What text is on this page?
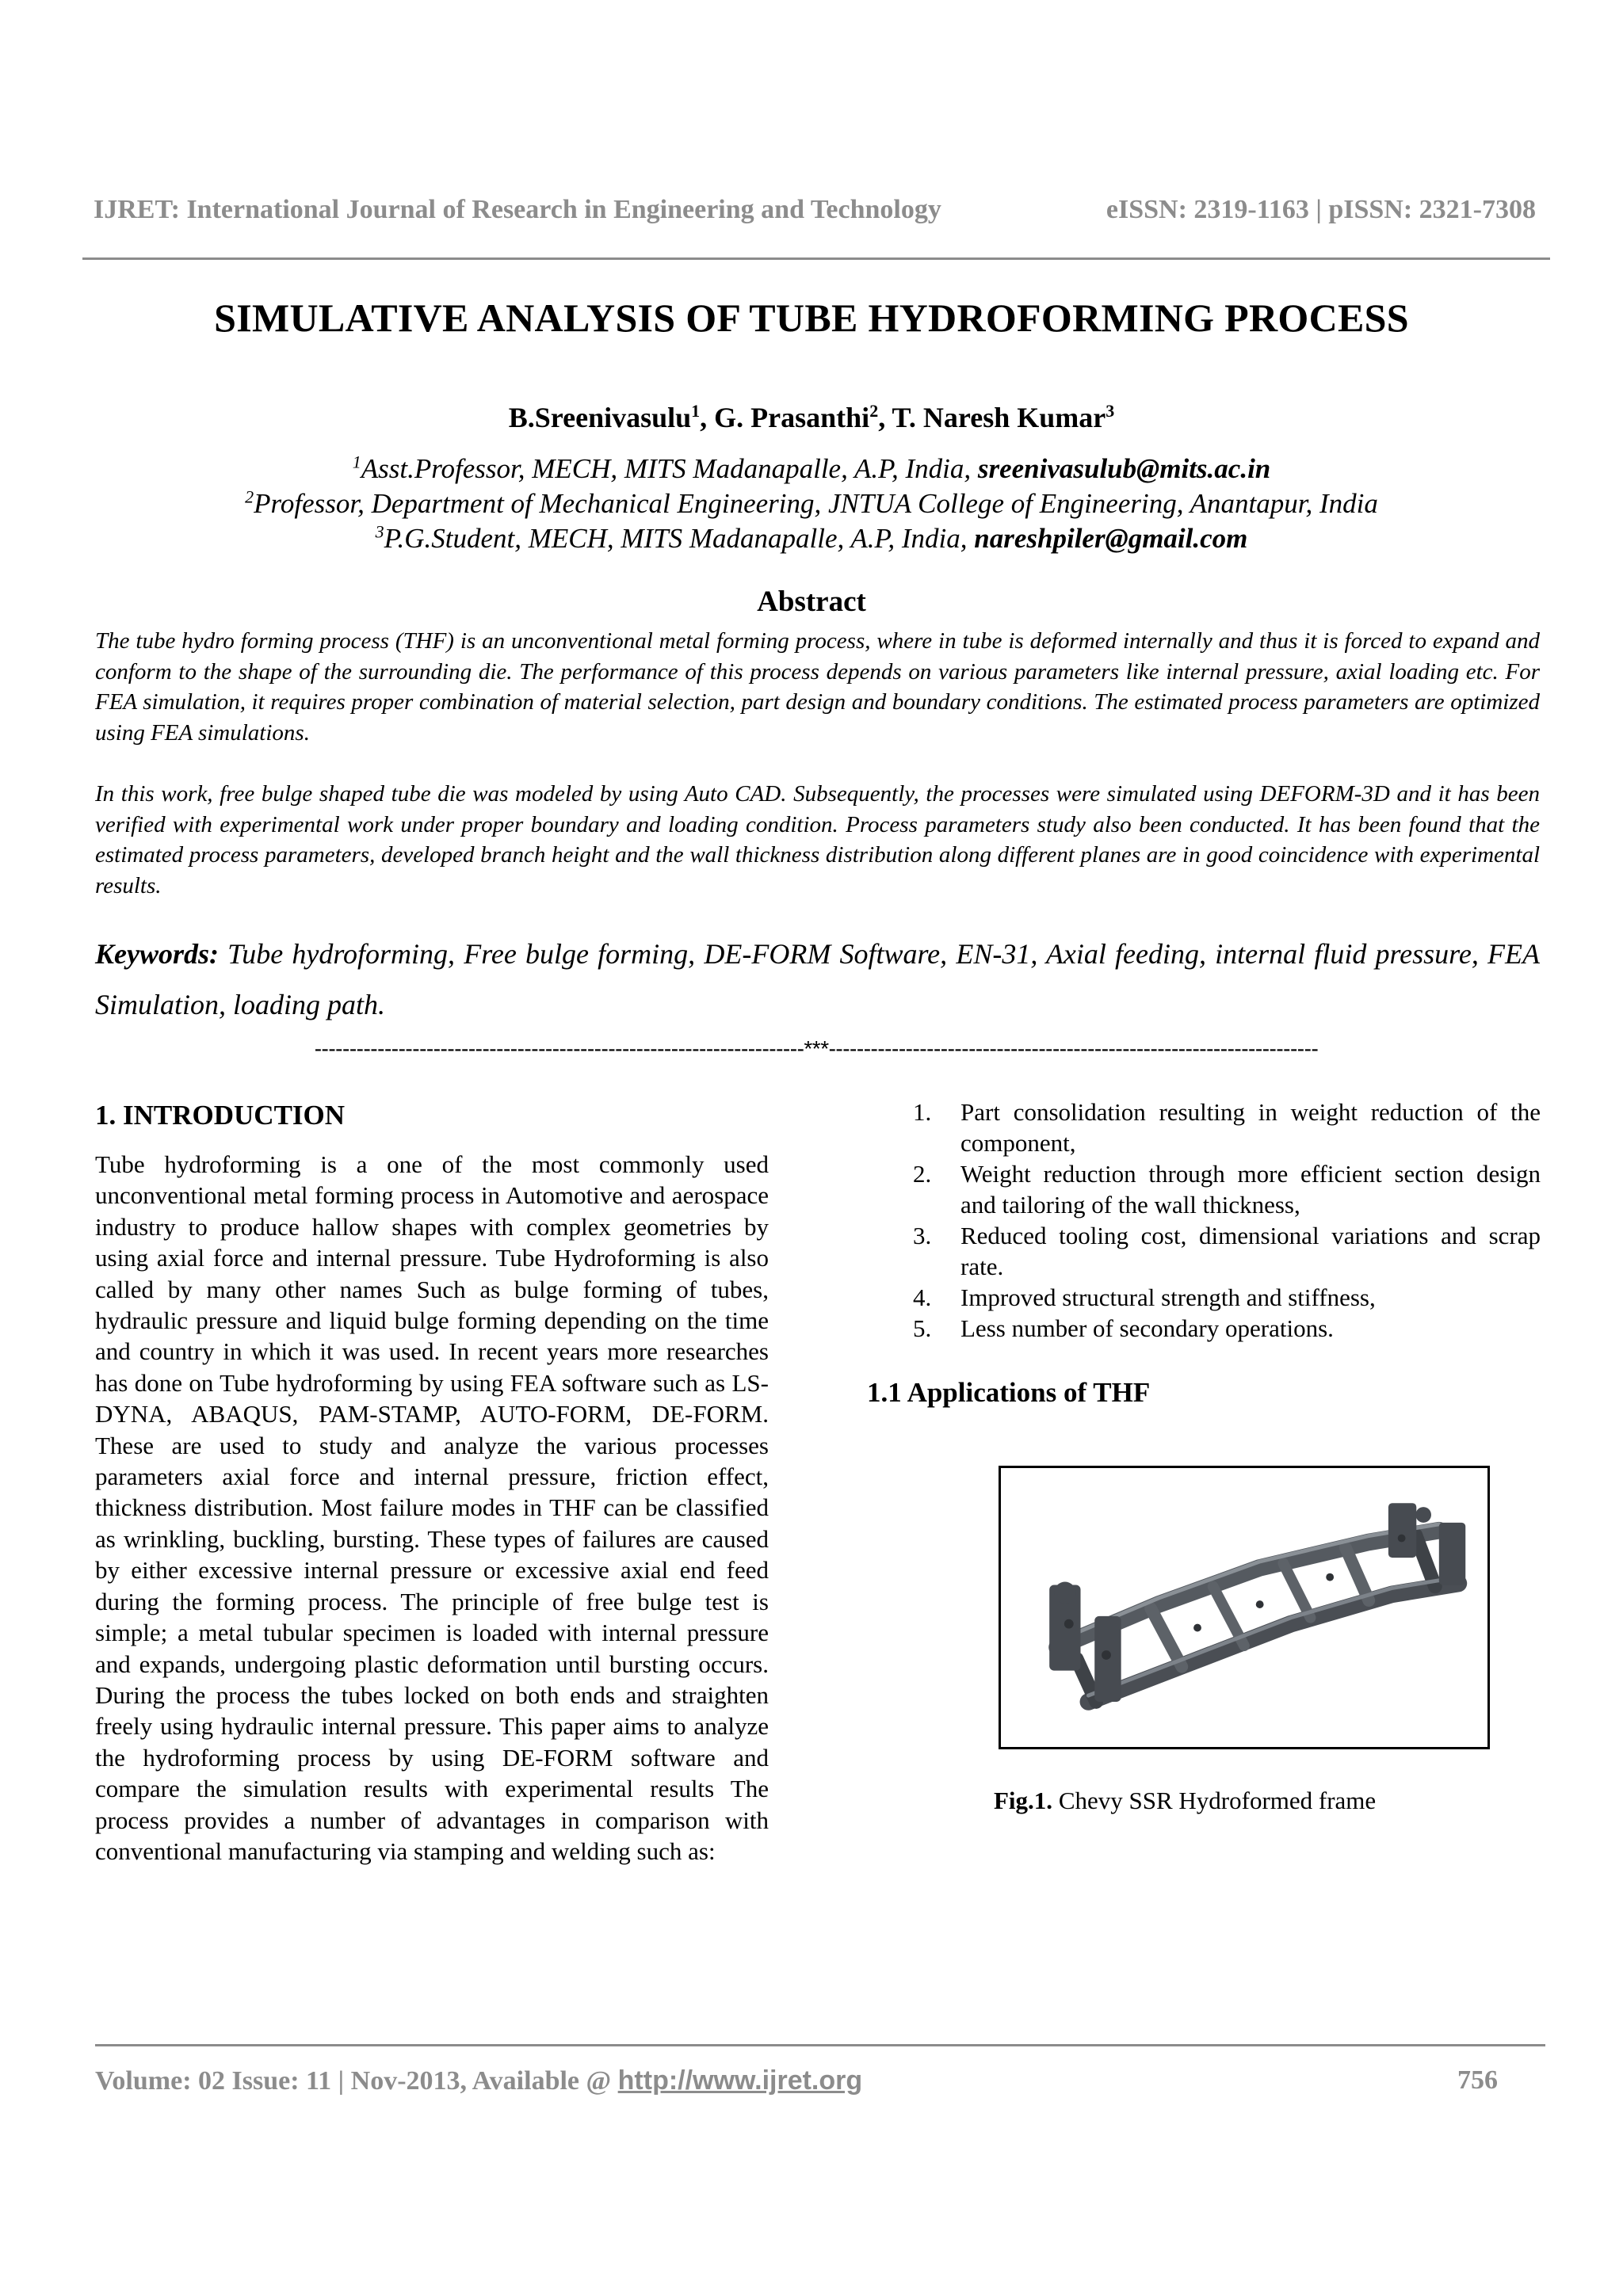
IJRET: International Journal of Research in Engineering and Technology	eISSN: 2319-1163 | pISSN: 2321-7308
SIMULATIVE ANALYSIS OF TUBE HYDROFORMING PROCESS
B.Sreenivasulu$^1$, G. Prasanthi$^2$, T. Naresh Kumar$^3$
$^1$Asst.Professor, MECH, MITS Madanapalle, A.P, India, sreenivasulub@mits.ac.in
$^2$Professor, Department of Mechanical Engineering, JNTUA College of Engineering, Anantapur, India
$^3$P.G.Student, MECH, MITS Madanapalle, A.P, India, nareshpiler@gmail.com
Abstract
The tube hydro forming process (THF) is an unconventional metal forming process, where in tube is deformed internally and thus it is forced to expand and conform to the shape of the surrounding die. The performance of this process depends on various parameters like internal pressure, axial loading etc. For FEA simulation, it requires proper combination of material selection, part design and boundary conditions. The estimated process parameters are optimized using FEA simulations.
In this work, free bulge shaped tube die was modeled by using Auto CAD. Subsequently, the processes were simulated using DEFORM-3D and it has been verified with experimental work under proper boundary and loading condition. Process parameters study also been conducted. It has been found that the estimated process parameters, developed branch height and the wall thickness distribution along different planes are in good coincidence with experimental results.
Keywords: Tube hydroforming, Free bulge forming, DE-FORM Software, EN-31, Axial feeding, internal fluid pressure, FEA Simulation, loading path.
----------------------------------------------------------------------***----------------------------------------------------------------------
1. INTRODUCTION
Tube hydroforming is a one of the most commonly used unconventional metal forming process in Automotive and aerospace industry to produce hallow shapes with complex geometries by using axial force and internal pressure. Tube Hydroforming is also called by many other names Such as bulge forming of tubes, hydraulic pressure and liquid bulge forming depending on the time and country in which it was used. In recent years more researches has done on Tube hydroforming by using FEA software such as LS-DYNA, ABAQUS, PAM-STAMP, AUTO-FORM, DE-FORM. These are used to study and analyze the various processes parameters axial force and internal pressure, friction effect, thickness distribution. Most failure modes in THF can be classified as wrinkling, buckling, bursting. These types of failures are caused by either excessive internal pressure or excessive axial end feed during the forming process. The principle of free bulge test is simple; a metal tubular specimen is loaded with internal pressure and expands, undergoing plastic deformation until bursting occurs. During the process the tubes locked on both ends and straighten freely using hydraulic internal pressure. This paper aims to analyze the hydroforming process by using DE-FORM software and compare the simulation results with experimental results The process provides a number of advantages in comparison with conventional manufacturing via stamping and welding such as:
1.	Part consolidation resulting in weight reduction of the component,
2.	Weight reduction through more efficient section design and tailoring of the wall thickness,
3.	Reduced tooling cost, dimensional variations and scrap rate.
4.	Improved structural strength and stiffness,
5.	Less number of secondary operations.
1.1 Applications of THF
Fig.1. Chevy SSR Hydroformed frame
Volume: 02 Issue: 11 | Nov-2013, Available @ http://www.ijret.org	756
